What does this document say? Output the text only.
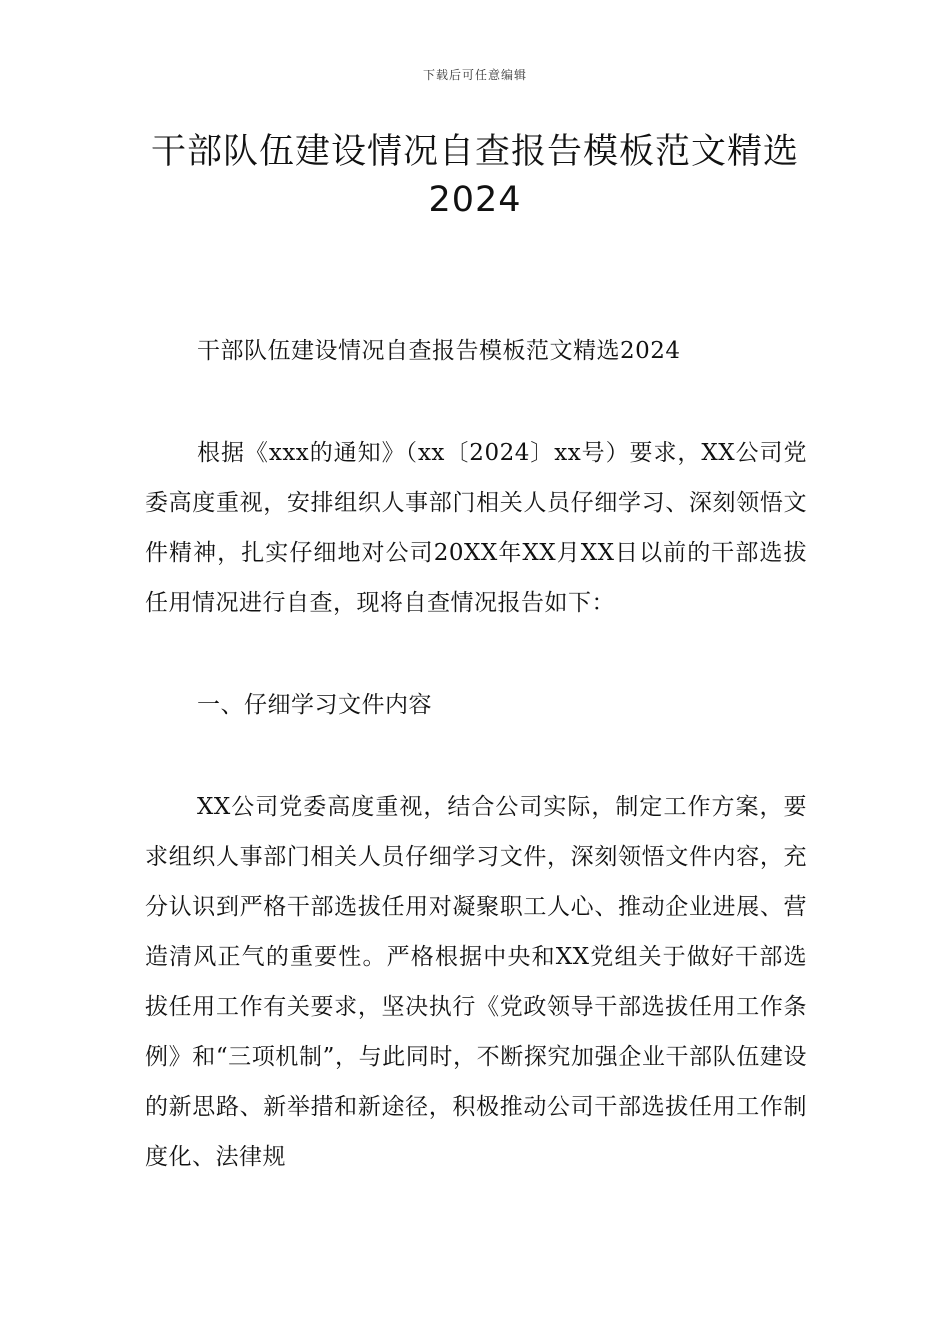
下载后可任意编辑
干部队伍建设情况自查报告模板范文精选
2024

干部队伍建设情况自查报告模板范文精选2024

根据《xxx的通知》（xx〔2024〕xx号）要求，XX公司党委高度重视，安排组织人事部门相关人员仔细学习、深刻领悟文件精神，扎实仔细地对公司20XX年XX月XX日以前的干部选拔任用情况进行自查，现将自查情况报告如下：

一、仔细学习文件内容

XX公司党委高度重视，结合公司实际，制定工作方案，要求组织人事部门相关人员仔细学习文件，深刻领悟文件内容，充分认识到严格干部选拔任用对凝聚职工人心、推动企业进展、营造清风正气的重要性。严格根据中央和XX党组关于做好干部选拔任用工作有关要求，坚决执行《党政领导干部选拔任用工作条例》和“三项机制”，与此同时，不断探究加强企业干部队伍建设的新思路、新举措和新途径，积极推动公司干部选拔任用工作制度化、法律规
